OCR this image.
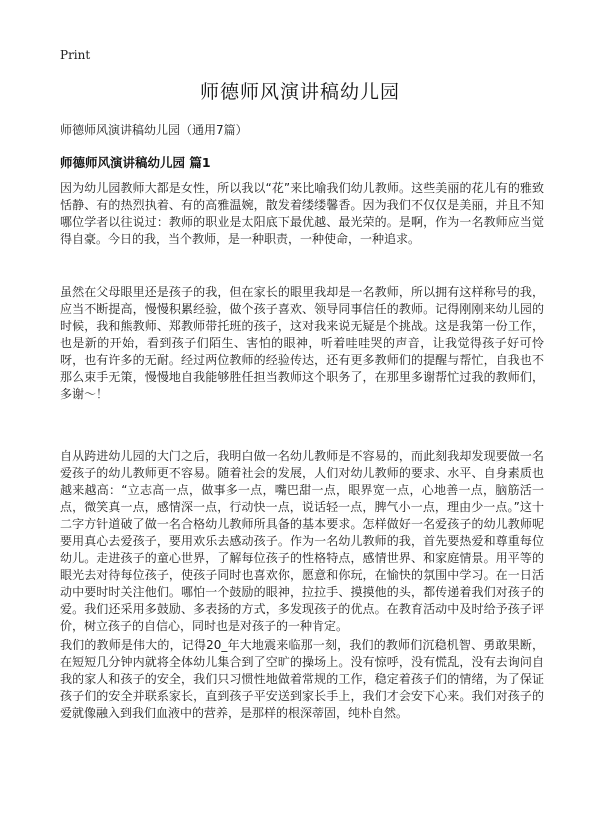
Print
师德师风演讲稿幼儿园
师德师风演讲稿幼儿园（通用7篇）
师德师风演讲稿幼儿园 篇1

因为幼儿园教师大都是女性，所以我以“花”来比喻我们幼儿教师。这些美丽的花儿有的雅致恬静、有的热烈执着、有的高雅温婉，散发着缕缕馨香。因为我们不仅仅是美丽，并且不知哪位学者以往说过：教师的职业是太阳底下最优越、最光荣的。是啊，作为一名教师应当觉得自豪。今日的我，当个教师，是一种职责，一种使命，一种追求。

虽然在父母眼里还是孩子的我，但在家长的眼里我却是一名教师，所以拥有这样称号的我，应当不断提高，慢慢积累经验，做个孩子喜欢、领导同事信任的教师。记得刚刚来幼儿园的时候，我和熊教师、郑教师带托班的孩子，这对我来说无疑是个挑战。这是我第一份工作，也是新的开始，看到孩子们陌生、害怕的眼神，听着哇哇哭的声音，让我觉得孩子好可怜呀，也有许多的无耐。经过两位教师的经验传达，还有更多教师们的提醒与帮忙，自我也不那么束手无策，慢慢地自我能够胜任担当教师这个职务了，在那里多谢帮忙过我的教师们，多谢～！

自从跨进幼儿园的大门之后，我明白做一名幼儿教师是不容易的，而此刻我却发现要做一名爱孩子的幼儿教师更不容易。随着社会的发展，人们对幼儿教师的要求、水平、自身素质也越来越高：“立志高一点，做事多一点，嘴巴甜一点，眼界宽一点，心地善一点，脑筋活一点，微笑真一点，感情深一点，行动快一点，说话轻一点，脾气小一点，理由少一点。”这十二字方针道破了做一名合格幼儿教师所具备的基本要求。怎样做好一名爱孩子的幼儿教师呢要用真心去爱孩子，要用欢乐去感动孩子。作为一名幼儿教师的我，首先要热爱和尊重每位幼儿。走进孩子的童心世界，了解每位孩子的性格特点，感情世界、和家庭情景。用平等的眼光去对待每位孩子，使孩子同时也喜欢你，愿意和你玩，在愉快的氛围中学习。在一日活动中要时时关注他们。哪怕一个鼓励的眼神，拉拉手、摸摸他的头，都传递着我们对孩子的爱。我们还采用多鼓励、多表扬的方式，多发现孩子的优点。在教育活动中及时给予孩子评价，树立孩子的自信心，同时也是对孩子的一种肯定。

我们的教师是伟大的，记得20_年大地震来临那一刻，我们的教师们沉稳机智、勇敢果断，在短短几分钟内就将全体幼儿集合到了空旷的操场上。没有惊呼，没有慌乱，没有去询问自我的家人和孩子的安全，我们只习惯性地做着常规的工作，稳定着孩子们的情绪，为了保证孩子们的安全并联系家长，直到孩子平安送到家长手上，我们才会安下心来。我们对孩子的爱就像融入到我们血液中的营养，是那样的根深蒂固，纯朴自然。
